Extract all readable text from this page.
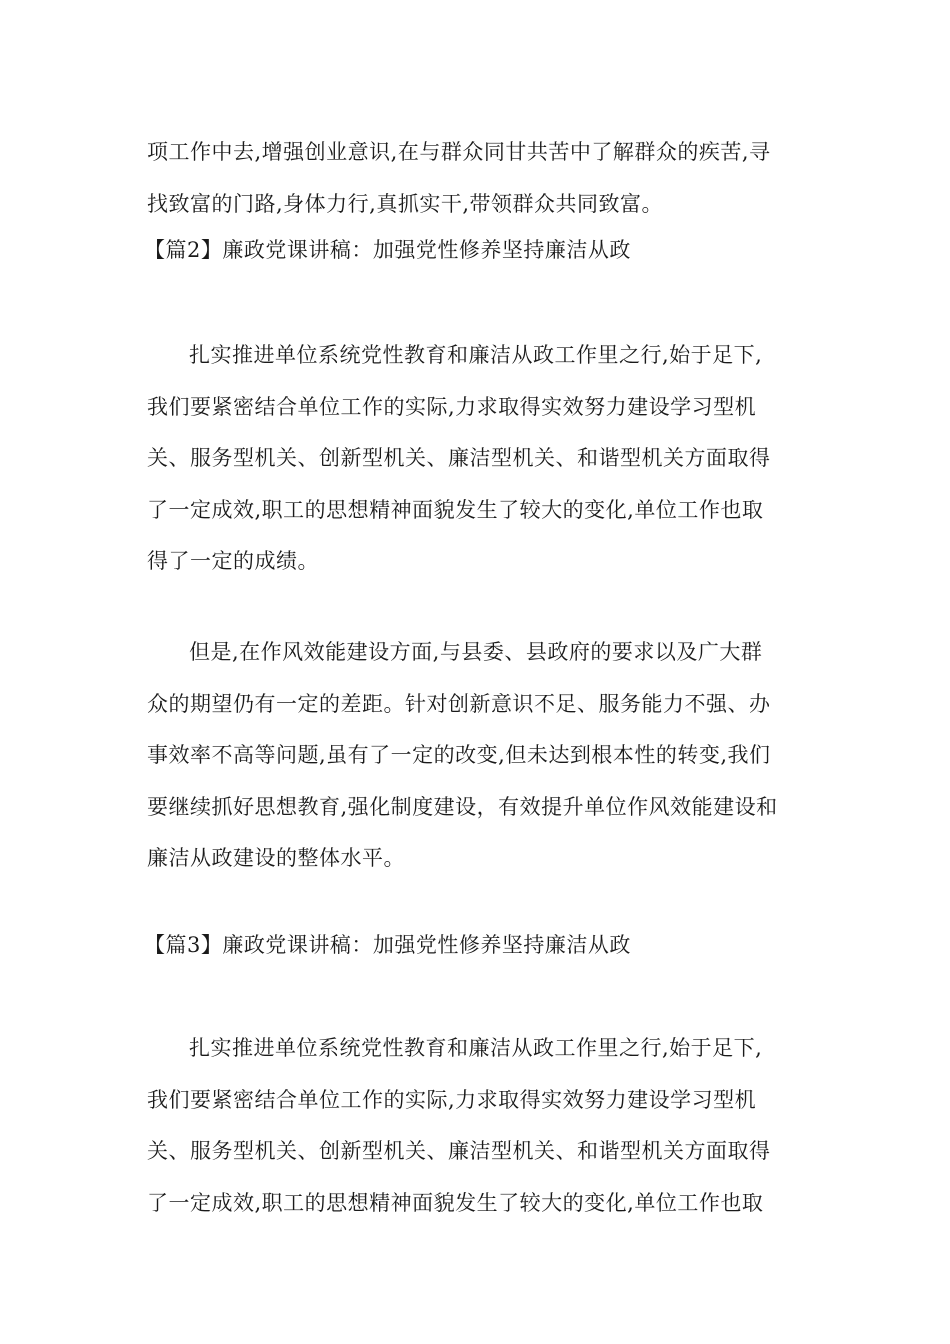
项工作中去,增强创业意识,在与群众同甘共苦中了解群众的疾苦,寻
找致富的门路,身体力行,真抓实干,带领群众共同致富。

【篇2】廉政党课讲稿：加强党性修养坚持廉洁从政

扎实推进单位系统党性教育和廉洁从政工作里之行,始于足下,
我们要紧密结合单位工作的实际,力求取得实效努力建设学习型机
关、服务型机关、创新型机关、廉洁型机关、和谐型机关方面取得
了一定成效,职工的思想精神面貌发生了较大的变化,单位工作也取
得了一定的成绩。

但是,在作风效能建设方面,与县委、县政府的要求以及广大群
众的期望仍有一定的差距。针对创新意识不足、服务能力不强、办
事效率不高等问题,虽有了一定的改变,但未达到根本性的转变,我们
要继续抓好思想教育,强化制度建设，有效提升单位作风效能建设和
廉洁从政建设的整体水平。

【篇3】廉政党课讲稿：加强党性修养坚持廉洁从政

扎实推进单位系统党性教育和廉洁从政工作里之行,始于足下,
我们要紧密结合单位工作的实际,力求取得实效努力建设学习型机
关、服务型机关、创新型机关、廉洁型机关、和谐型机关方面取得
了一定成效,职工的思想精神面貌发生了较大的变化,单位工作也取
